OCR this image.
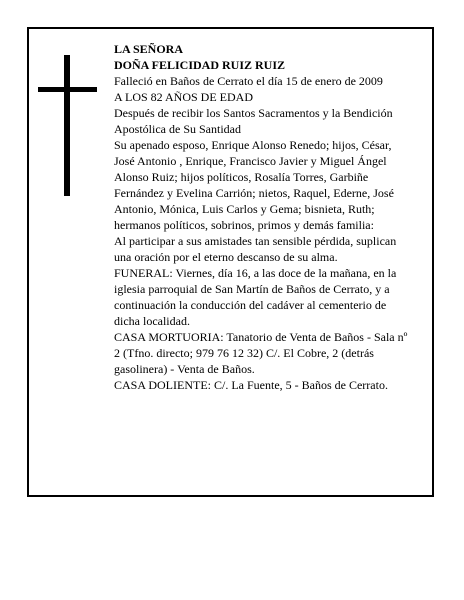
LA SEÑORA

DOÑA FELICIDAD RUIZ RUIZ

Falleció en Baños de Cerrato el día 15 de enero de 2009

A LOS 82 AÑOS DE EDAD

Después de recibir los Santos Sacramentos y la Bendición Apostólica de Su Santidad

Su apenado esposo, Enrique Alonso Renedo; hijos, César, José Antonio , Enrique, Francisco Javier y Miguel Ángel Alonso Ruiz; hijos políticos, Rosalía Torres, Garbiñe Fernández y Evelina Carrión; nietos, Raquel, Ederne, José Antonio, Mónica, Luis Carlos y Gema; bisnieta, Ruth; hermanos políticos, sobrinos, primos y demás familia:

Al participar a sus amistades tan sensible pérdida, suplican una oración por el eterno descanso de su alma.

FUNERAL: Viernes, día 16, a las doce de la mañana, en la iglesia parroquial de San Martín de Baños de Cerrato, y a continuación la conducción del cadáver al cementerio de dicha localidad.

CASA MORTUORIA: Tanatorio de Venta de Baños - Sala nº 2 (Tfno. directo; 979 76 12 32) C/. El Cobre, 2 (detrás gasolinera) - Venta de Baños.

CASA DOLIENTE: C/. La Fuente, 5 - Baños de Cerrato.
